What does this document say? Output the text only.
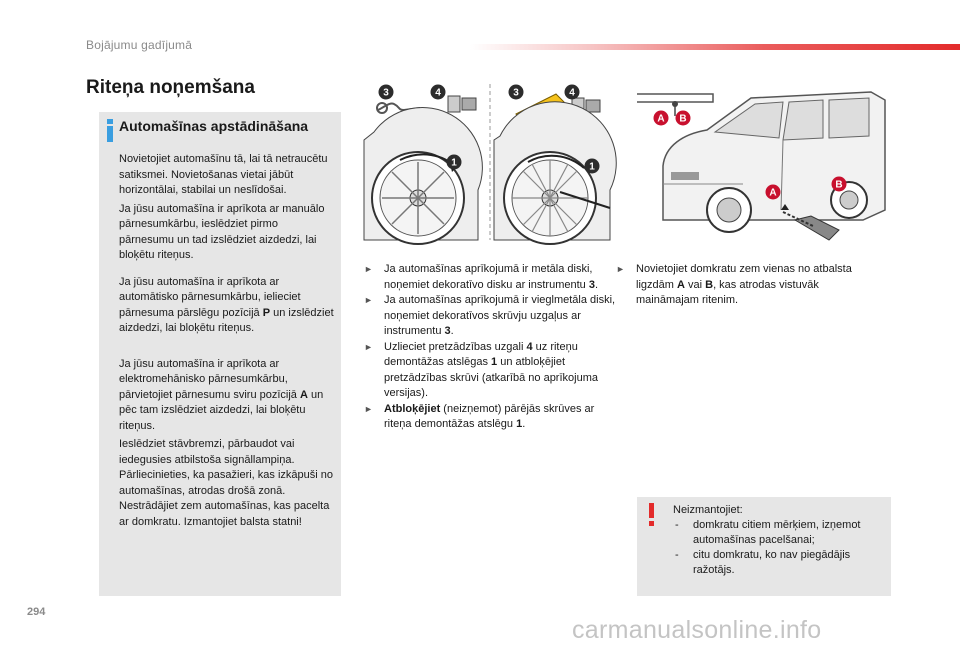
Bojājumu gadījumā
Riteņa noņemšana
Automašīnas apstādināšana

Novietojiet automašīnu tā, lai tā netraucētu satiksmei. Novietošanas vietai jābūt horizontālai, stabilai un neslīdošai.

Ja jūsu automašīna ir aprīkota ar manuālo pārnesumkārbu, ieslēdziet pirmo pārnesumu un tad izslēdziet aizdedzi, lai bloķētu riteņus.

Ja jūsu automašīna ir aprīkota ar automātisko pārnesumkārbu, ielieciet pārnesuma pārslēgu pozīcijā P un izslēdziet aizdedzi, lai bloķētu riteņus.

Ja jūsu automašīna ir aprīkota ar elektromehānisko pārnesumkārbu, pārvietojiet pārnesumu sviru pozīcijā A un pēc tam izslēdziet aizdedzi, lai bloķētu riteņus.

Ieslēdziet stāvbremzi, pārbaudot vai iedegusies atbilstoša signāllampiņa.

Pārliecinieties, ka pasažieri, kas izkāpuši no automašīnas, atrodas drošā zonā.

Nestrādājiet zem automašīnas, kas pacelta ar domkratu. Izmantojiet balsta statni!

3	4
1
3	4
1
A B
A
B
► Ja automašīnas aprīkojumā ir metāla diski, noņemiet dekoratīvo disku ar instrumentu 3.
► Ja automašīnas aprīkojumā ir vieglmetāla diski, noņemiet dekoratīvos skrūvju uzgaļus ar instrumentu 3.
► Uzlieciet pretzādzības uzgali 4 uz riteņu demontāžas atslēgas 1 un atbloķējiet pretzādzības skrūvi (atkarībā no aprīkojuma versijas).
► Atbloķējiet (neizņemot) pārējās skrūves ar riteņa demontāžas atslēgu 1.
► Novietojiet domkratu zem vienas no atbalsta ligzdām A vai B, kas atrodas vistuvāk maināmajam ritenim.
Neizmantojiet:
- domkratu citiem mērķiem, izņemot automašīnas pacelšanai;
- citu domkratu, ko nav piegādājis ražotājs.
294
carmanualsonline.info
